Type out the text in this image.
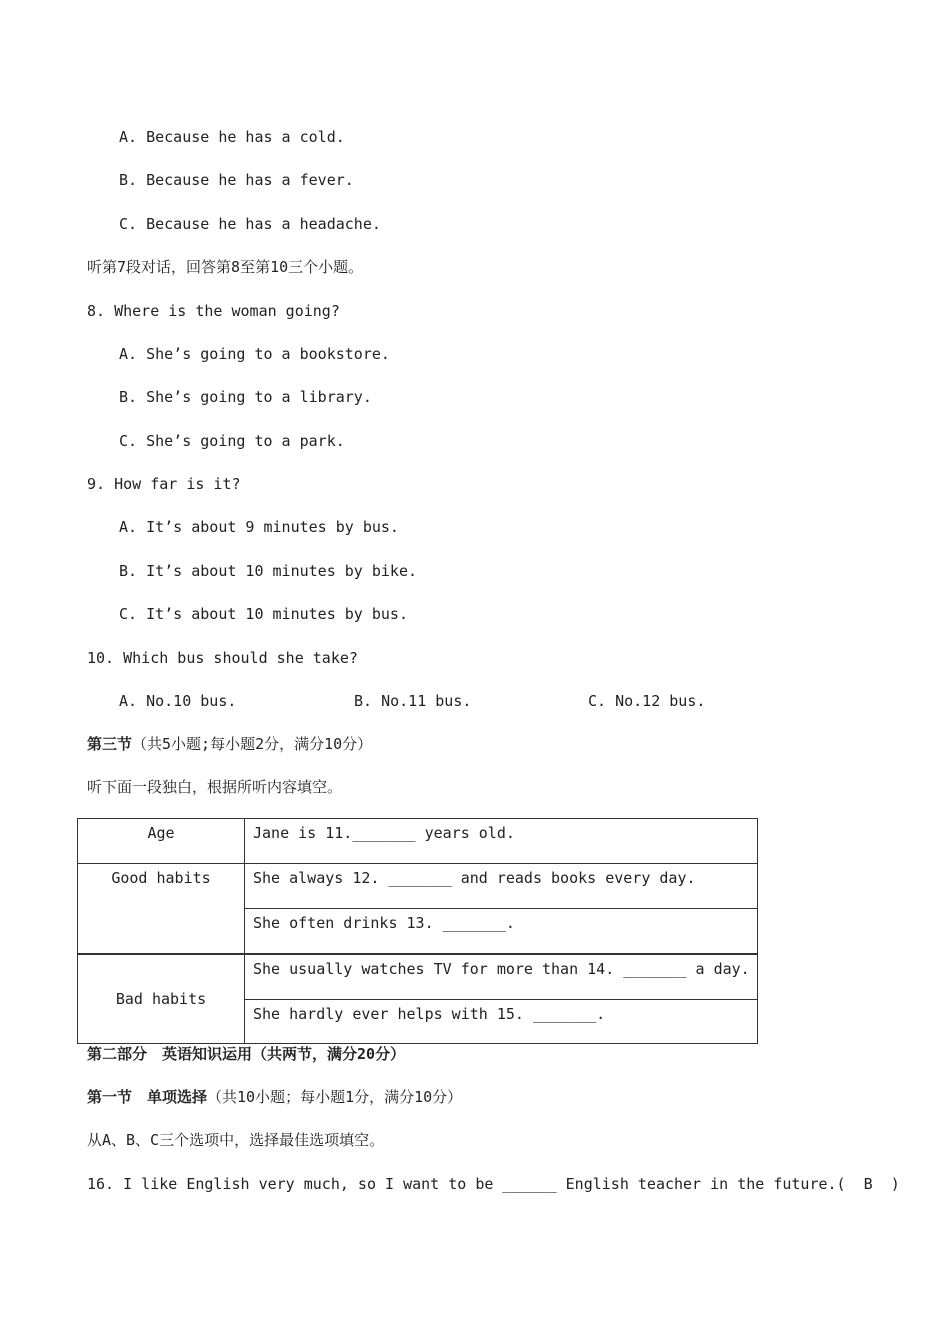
A. Because he has a cold.
B. Because he has a fever.
C. Because he has a headache.
听第7段对话，回答第8至第10三个小题。
8. Where is the woman going?
A. She’s going to a bookstore.
B. She’s going to a library.
C. She’s going to a park.
9. How far is it?
A. It’s about 9 minutes by bus.
B. It’s about 10 minutes by bike.
C. It’s about 10 minutes by bus.
10. Which bus should she take?
A. No.10 bus.	B. No.11 bus.	C. No.12 bus.
第三节（共5小题;每小题2分，满分10分）
听下面一段独白，根据所听内容填空。
Age	Jane is 11._______ years old.

Good habits	She always 12. _______ and reads books every day.

	She often drinks 13. _______.

Bad habits	She usually watches TV for more than 14. _______ a day.

	She hardly ever helps with 15. _______.
第二部分　英语知识运用（共两节，满分20分）
第一节　单项选择（共10小题；每小题1分，满分10分）
从A、B、C三个选项中，选择最佳选项填空。
16. I like English very much, so I want to be ______ English teacher in the future.(  B  )
